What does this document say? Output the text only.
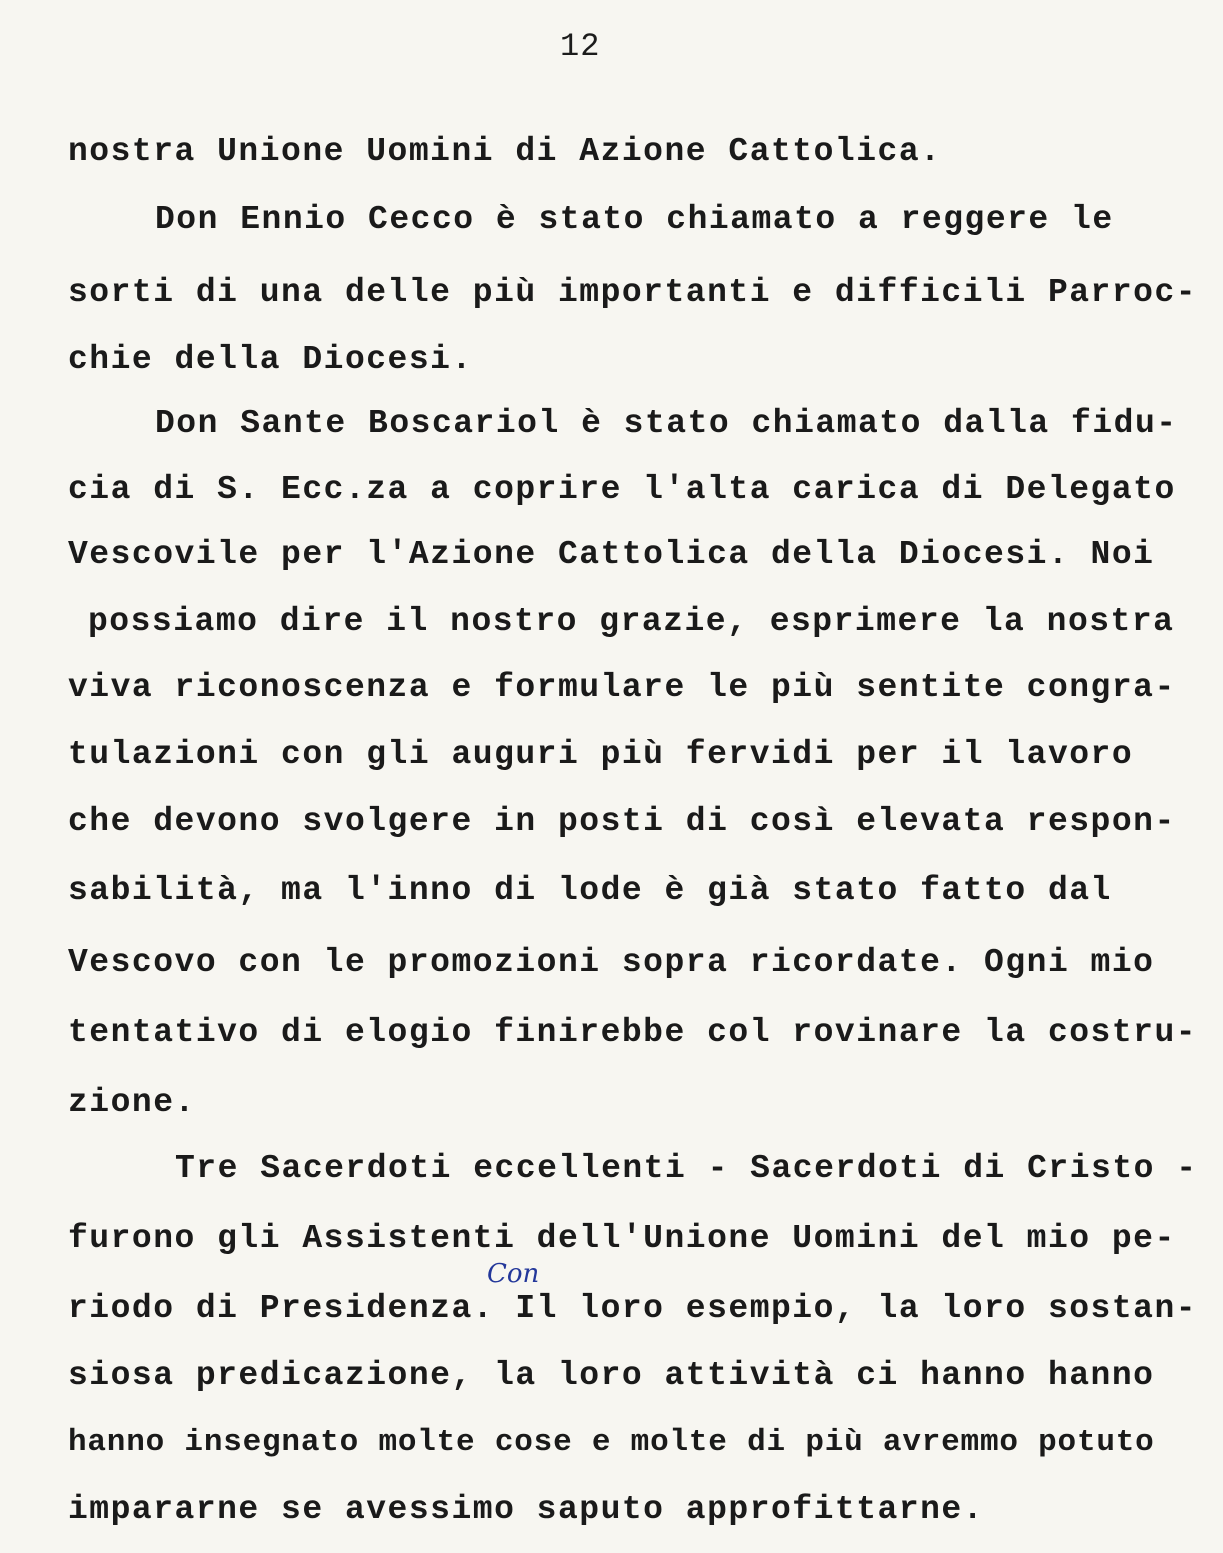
12
nostra Unione Uomini di Azione Cattolica.
Don Ennio Cecco è stato chiamato a reggere le
sorti di una delle più importanti e difficili Parroc-
chie della Diocesi.
Don Sante Boscariol è stato chiamato dalla fidu-
cia di S. Ecc.za a coprire l'alta carica di Delegato
Vescovile per l'Azione Cattolica della Diocesi. Noi
possiamo dire il nostro grazie, esprimere la nostra
viva riconoscenza e formulare le più sentite congra-
tulazioni con gli auguri più fervidi per il lavoro
che devono svolgere in posti di così elevata respon-
sabilità, ma l'inno di lode è già stato fatto dal
Vescovo con le promozioni sopra ricordate. Ogni mio
tentativo di elogio finirebbe col rovinare la costru-
zione.
Tre Sacerdoti eccellenti - Sacerdoti di Cristo -
furono gli Assistenti dell'Unione Uomini del mio pe-
riodo di Presidenza. Il loro esempio, la loro sostan-
siosa predicazione, la loro attività ci hanno hanno
hanno insegnato molte cose e molte di più avremmo potuto
impararne se avessimo saputo approfittarne.
Con
